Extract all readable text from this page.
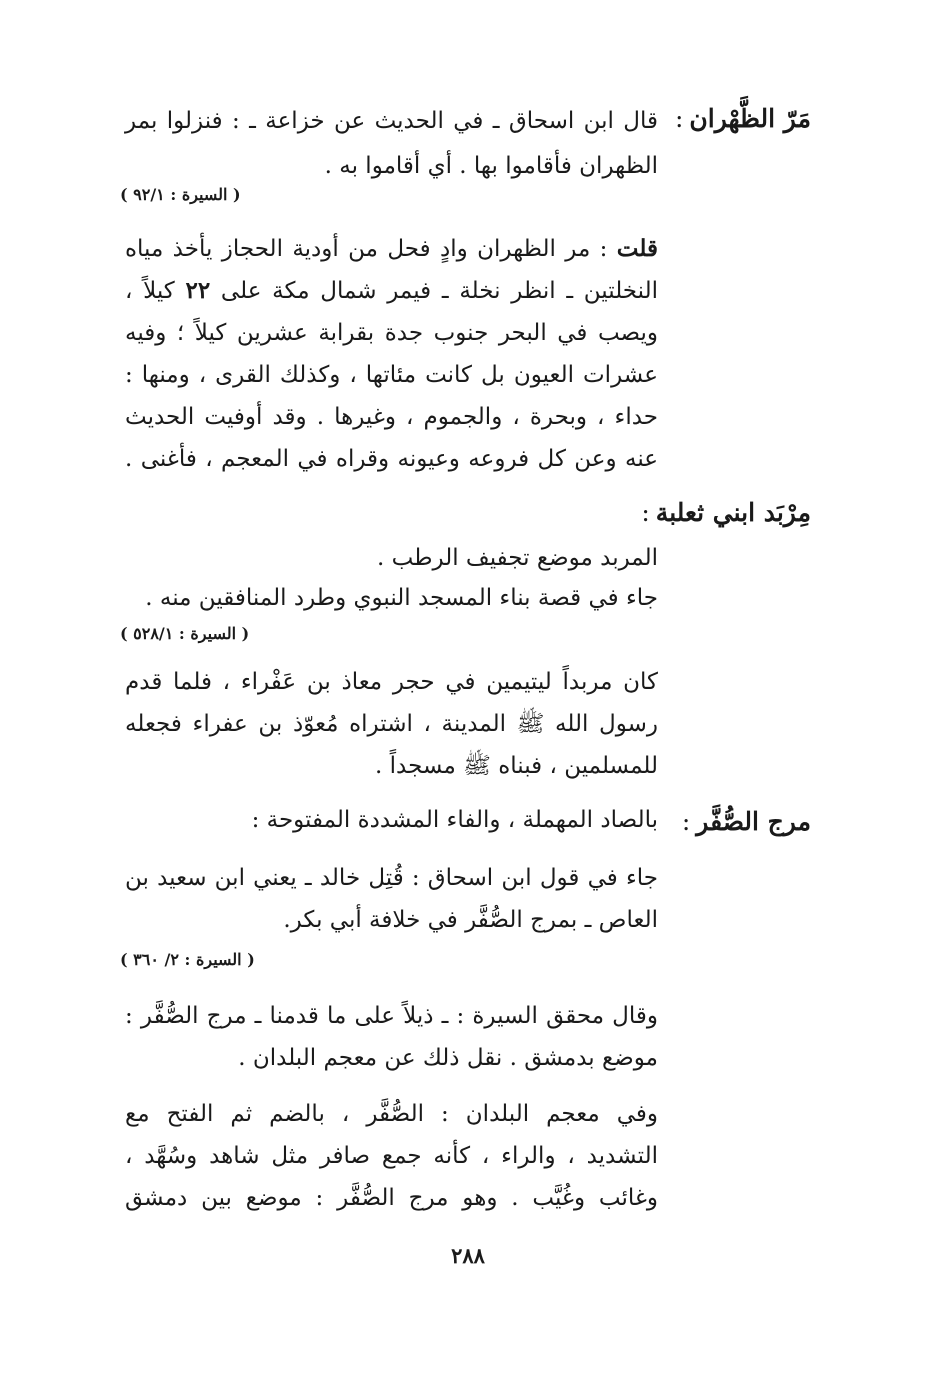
مَرّ الظَّهْران:
قال ابن اسحاق ـ في الحديث عن خزاعة ـ : فنزلوا بمر
الظهران فأقاموا بها . أي أقاموا به .
( السيرة : ٩٢/١ )
قلت : مر الظهران وادٍ فحل من أودية الحجاز يأخذ مياه
النخلتين ـ انظر نخلة ـ فيمر شمال مكة على ٢٢ كيلاً ،
ويصب في البحر جنوب جدة بقرابة عشرين كيلاً ؛ وفيه
عشرات العيون بل كانت مئاتها ، وكذلك القرى ، ومنها :
حداء ، وبحرة ، والجموم ، وغيرها . وقد أوفيت الحديث
عنه وعن كل فروعه وعيونه وقراه في المعجم ، فأغنى .
مِرْبَد ابني ثعلبة:
المربد موضع تجفيف الرطب .
جاء في قصة بناء المسجد النبوي وطرد المنافقين منه .
( السيرة : ٥٢٨/١ )
كان مربداً ليتيمين في حجر معاذ بن عَفْراء ، فلما قدم
رسول الله ﷺ المدينة ، اشتراه مُعوّذ بن عفراء فجعله
للمسلمين ، فبناه ﷺ مسجداً .
مرج الصُّفَّر:
بالصاد المهملة ، والفاء المشددة المفتوحة :
جاء في قول ابن اسحاق : قُتِل خالد ـ يعني ابن سعيد بن
العاص ـ بمرج الصُّفَّر في خلافة أبي بكر.
( السيرة : ٢/ ٣٦٠ )
وقال محقق السيرة : ـ ذيلاً على ما قدمنا ـ مرج الصُّفَّر :
موضع بدمشق . نقل ذلك عن معجم البلدان .
وفي معجم البلدان : الصُّفَّر ، بالضم ثم الفتح مع
التشديد ، والراء ، كأنه جمع صافر مثل شاهد وسُهَّد ،
وغائب وغُيَّب . وهو مرج الصُّفَّر : موضع بين دمشق
٢٨٨
